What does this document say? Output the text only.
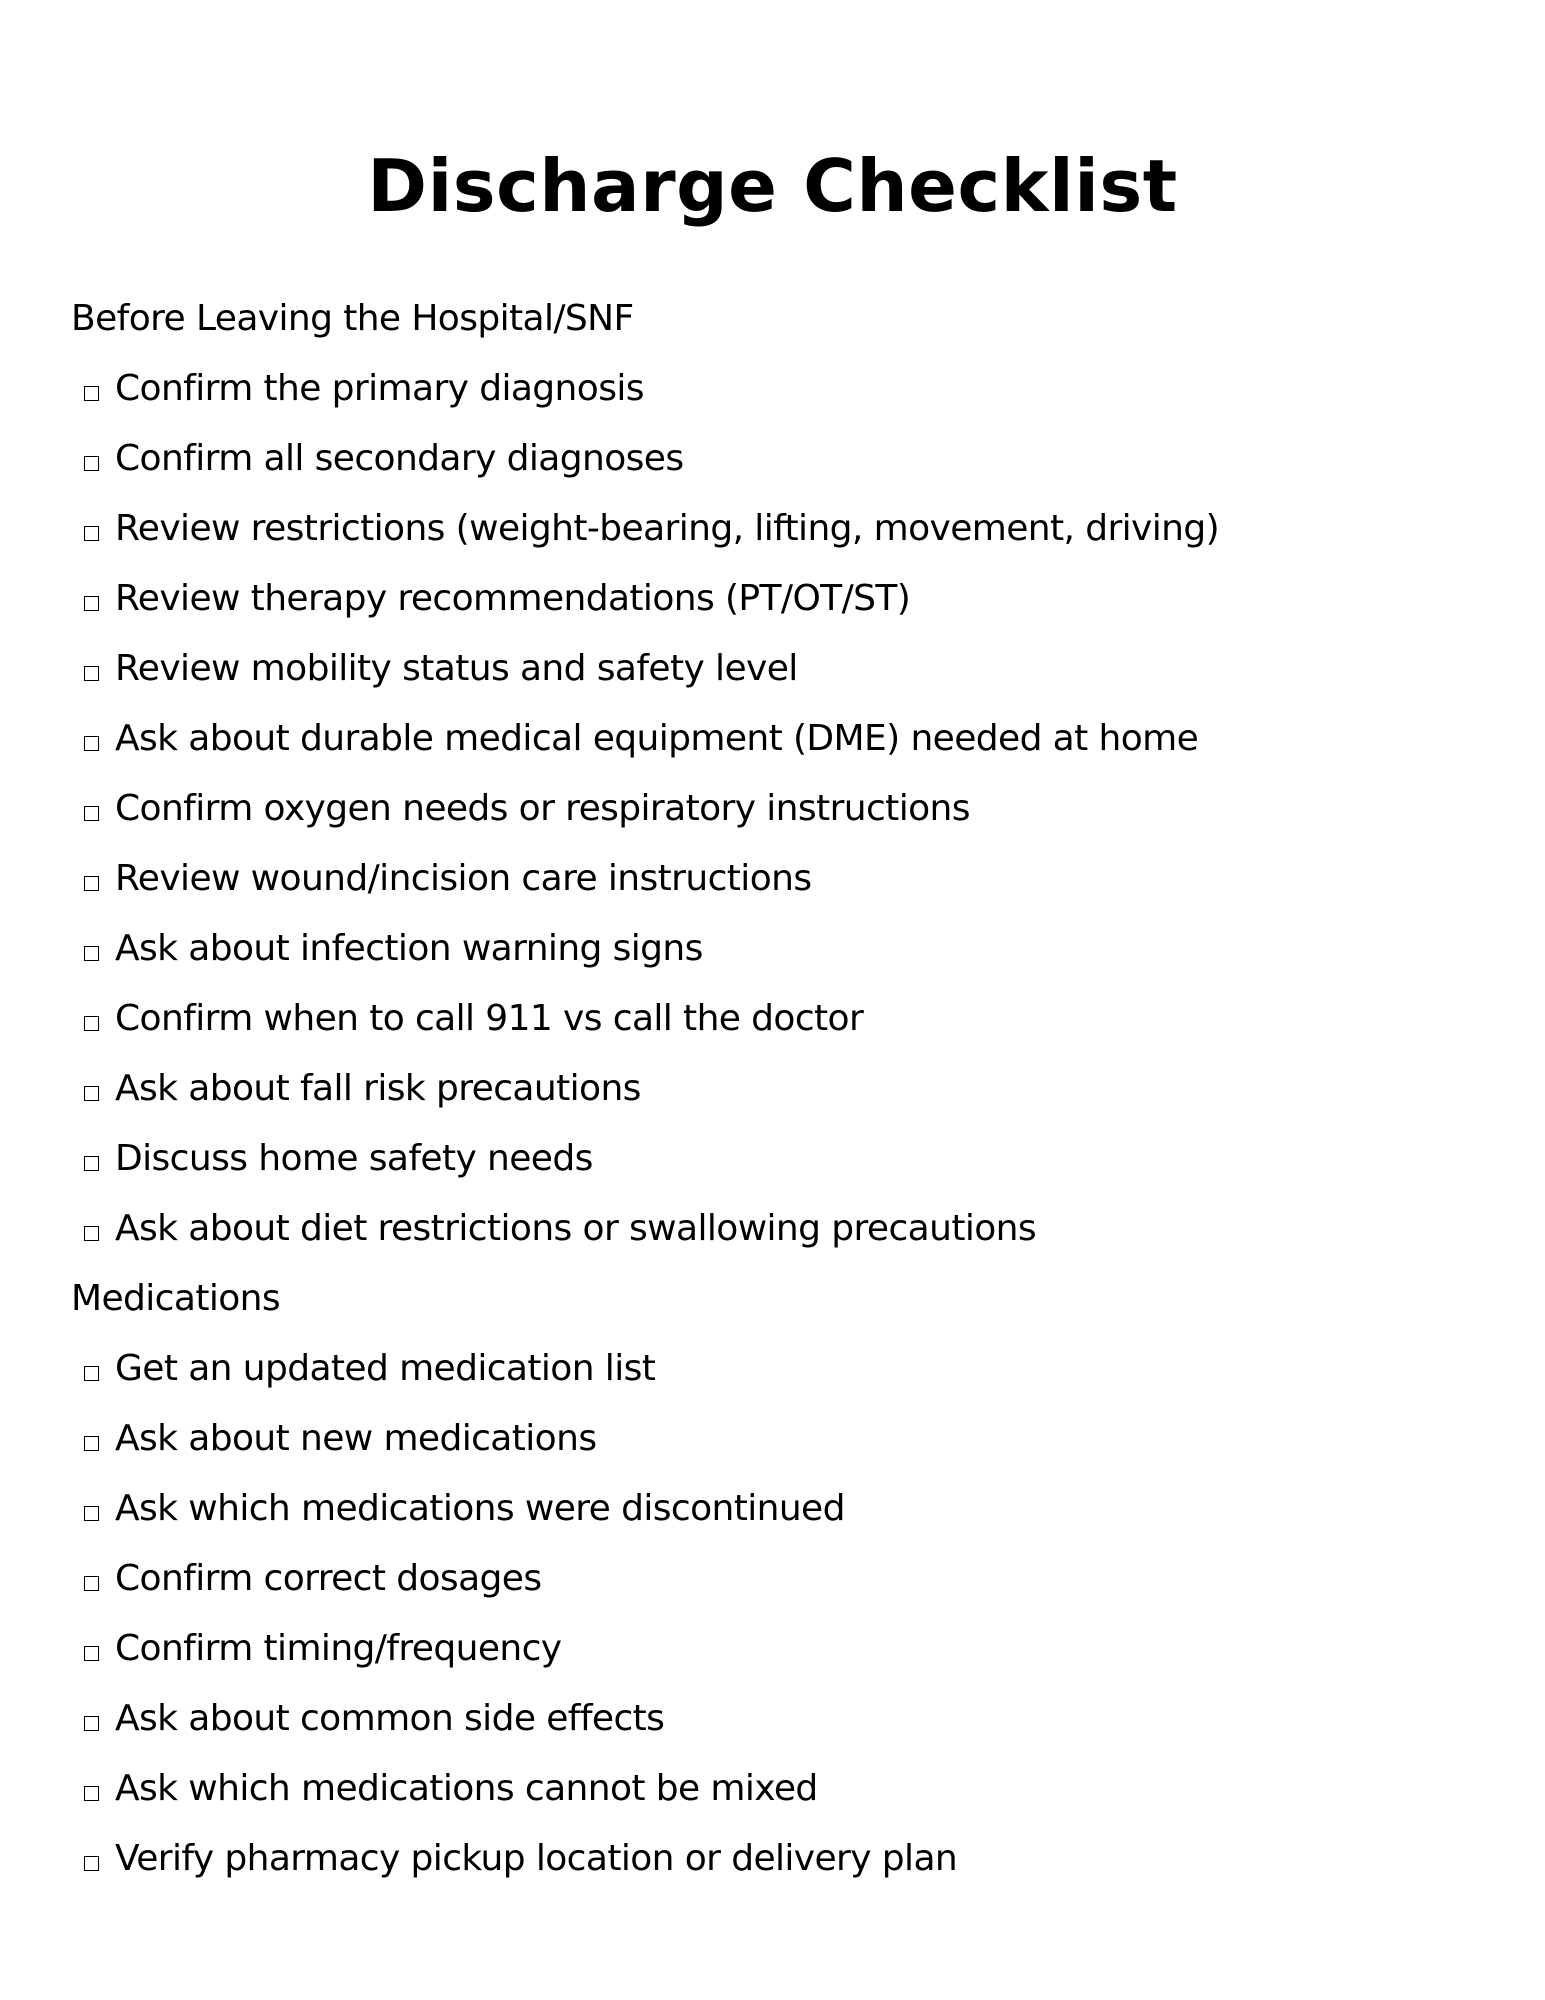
Discharge Checklist
Before Leaving the Hospital/SNF
Confirm the primary diagnosis
Confirm all secondary diagnoses
Review restrictions (weight-bearing, lifting, movement, driving)
Review therapy recommendations (PT/OT/ST)
Review mobility status and safety level
Ask about durable medical equipment (DME) needed at home
Confirm oxygen needs or respiratory instructions
Review wound/incision care instructions
Ask about infection warning signs
Confirm when to call 911 vs call the doctor
Ask about fall risk precautions
Discuss home safety needs
Ask about diet restrictions or swallowing precautions
Medications
Get an updated medication list
Ask about new medications
Ask which medications were discontinued
Confirm correct dosages
Confirm timing/frequency
Ask about common side effects
Ask which medications cannot be mixed
Verify pharmacy pickup location or delivery plan
